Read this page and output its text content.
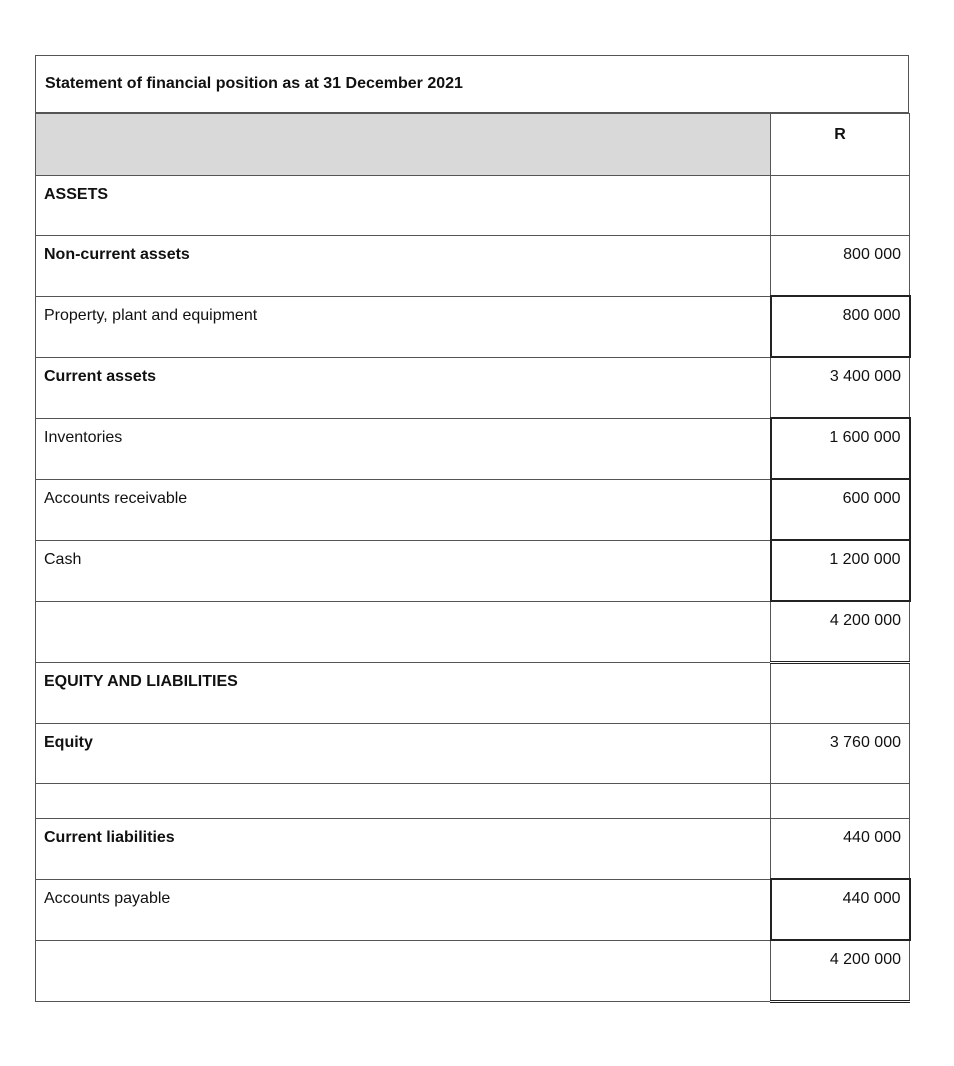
Statement of financial position as at 31 December 2021
	R
ASSETS	
Non-current assets	800 000
Property, plant and equipment	800 000
Current assets	3 400 000
Inventories	1 600 000
Accounts receivable	600 000
Cash	1 200 000
	4 200 000
EQUITY AND LIABILITIES	
Equity	3 760 000

Current liabilities	440 000
Accounts payable	440 000
	4 200 000
